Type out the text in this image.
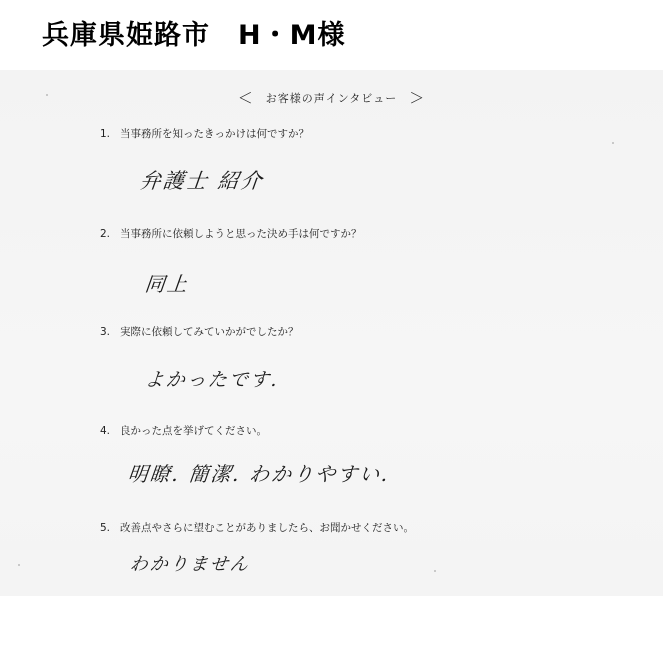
兵庫県姫路市　H・M様
＜ お客様の声インタビュー ＞
1. 当事務所を知ったきっかけは何ですか？
弁護士 紹介
2. 当事務所に依頼しようと思った決め手は何ですか？
同上
3. 実際に依頼してみていかがでしたか？
よかったです.
4. 良かった点を挙げてください。
明瞭. 簡潔. わかりやすい.
5. 改善点やさらに望むことがありましたら、お聞かせください。
わかりません
